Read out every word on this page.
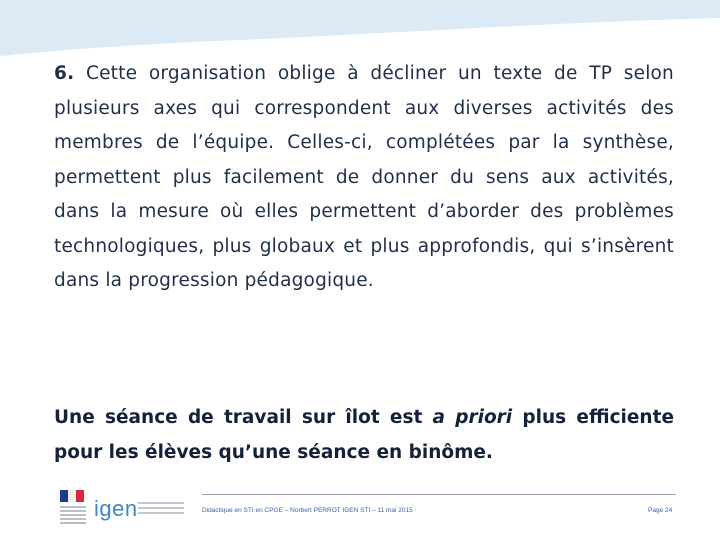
6. Cette organisation oblige à décliner un texte de TP selon plusieurs axes qui correspondent aux diverses activités des membres de l’équipe. Celles-ci, complétées par la synthèse, permettent plus facilement de donner du sens aux activités, dans la mesure où elles permettent d’aborder des problèmes technologiques, plus globaux et plus approfondis, qui s’insèrent dans la progression pédagogique.
Une séance de travail sur îlot est a priori plus efficiente pour les élèves qu’une séance en binôme.
igen	Didactique en STI en CPGE – Norbert PERROT IGEN STI – 11 mai 2015	Page 24
